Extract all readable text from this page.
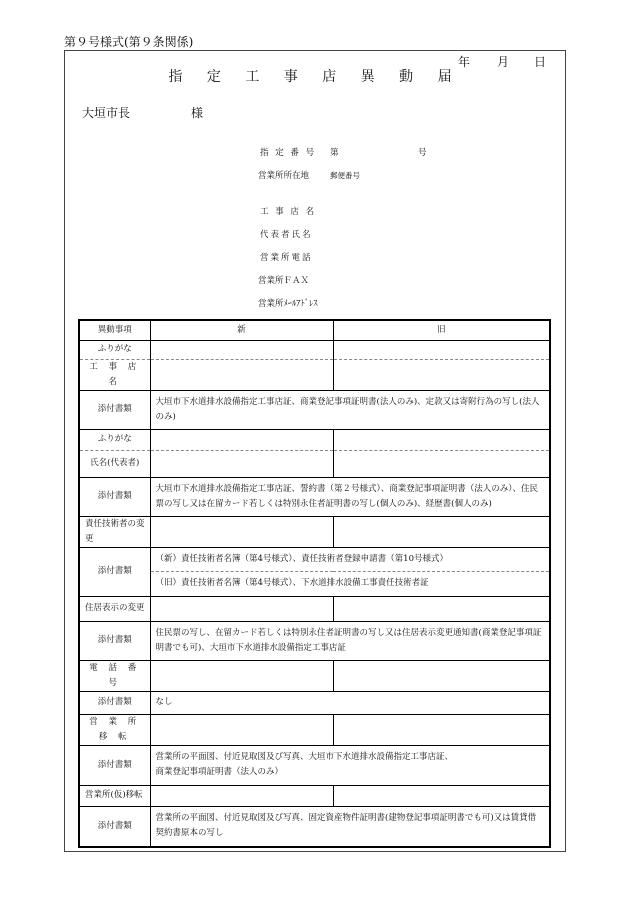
第９号様式(第９条関係)
年 月 日
指 定 工 事 店 異 動 届
大垣市長	様
指 定 番 号 第	号
営業所所在地	郵便番号
工 事 店 名
代表者氏名
営業所電話
営業所ＦＡＸ
営業所ﾒｰﾙｱﾄﾞﾚｽ
異動事項	新	旧
ふりがな		
工 事 店 名		
添付書類	大垣市下水道排水設備指定工事店証、商業登記事項証明書(法人のみ)、定款又は寄附行為の写し(法人のみ)	
ふりがな		
氏名(代表者)		
添付書類	大垣市下水道排水設備指定工事店証、誓約書（第２号様式）、商業登記事項証明書（法人のみ）、住民票の写し又は在留カード若しくは特別永住者証明書の写し(個人のみ)、経歴書(個人のみ)	
責任技術者の変更		
添付書類	（新）責任技術者名簿（第4号様式）、責任技術者登録申請書（第10号様式）	
	（旧）責任技術者名簿（第4号様式）、下水道排水設備工事責任技術者証	
住居表示の変更		
添付書類	住民票の写し、在留カード若しくは特別永住者証明書の写し又は住居表示変更通知書(商業登記事項証明書でも可)、大垣市下水道排水設備指定工事店証	
電 話 番 号		
添付書類	なし	
営 業 所 移 転		
添付書類	営業所の平面図、付近見取図及び写真、大垣市下水道排水設備指定工事店証、
商業登記事項証明書（法人のみ）	

営業所(仮)移転		
添付書類	営業所の平面図、付近見取図及び写真、固定資産物件証明書(建物登記事項証明書でも可)又は賃貸借契約書原本の写し	
